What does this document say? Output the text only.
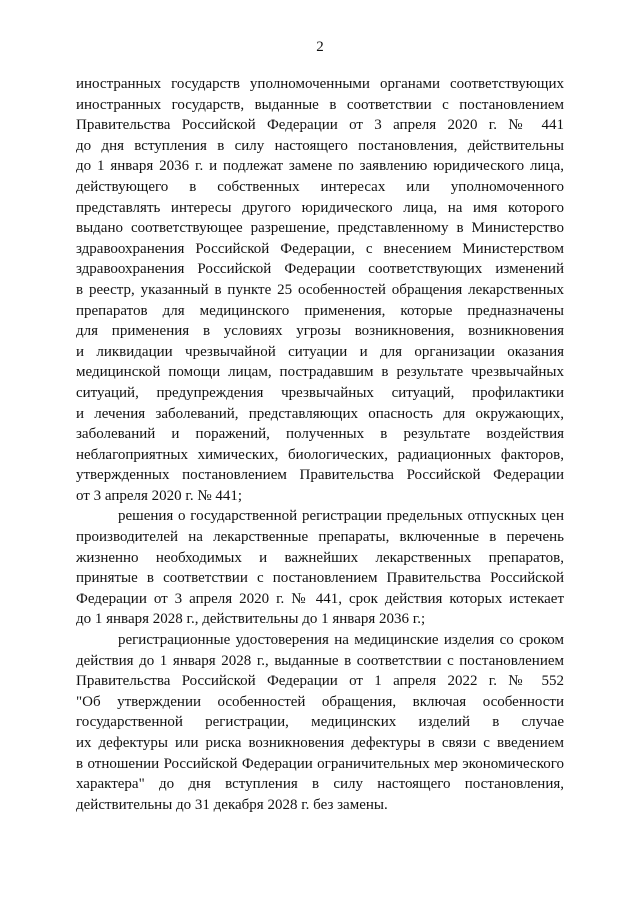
2
иностранных государств уполномоченными органами соответствующих
иностранных государств, выданные в соответствии с постановлением
Правительства Российской Федерации от 3 апреля 2020 г. № 441
до дня вступления в силу настоящего постановления, действительны
до 1 января 2036 г. и подлежат замене по заявлению юридического лица,
действующего в собственных интересах или уполномоченного
представлять интересы другого юридического лица, на имя которого
выдано соответствующее разрешение, представленному в Министерство
здравоохранения Российской Федерации, с внесением Министерством
здравоохранения Российской Федерации соответствующих изменений
в реестр, указанный в пункте 25 особенностей обращения лекарственных
препаратов для медицинского применения, которые предназначены
для применения в условиях угрозы возникновения, возникновения
и ликвидации чрезвычайной ситуации и для организации оказания
медицинской помощи лицам, пострадавшим в результате чрезвычайных
ситуаций, предупреждения чрезвычайных ситуаций, профилактики
и лечения заболеваний, представляющих опасность для окружающих,
заболеваний и поражений, полученных в результате воздействия
неблагоприятных химических, биологических, радиационных факторов,
утвержденных постановлением Правительства Российской Федерации
от 3 апреля 2020 г. № 441;
решения о государственной регистрации предельных отпускных цен
производителей на лекарственные препараты, включенные в перечень
жизненно необходимых и важнейших лекарственных препаратов,
принятые в соответствии с постановлением Правительства Российской
Федерации от 3 апреля 2020 г. № 441, срок действия которых истекает
до 1 января 2028 г., действительны до 1 января 2036 г.;
регистрационные удостоверения на медицинские изделия со сроком
действия до 1 января 2028 г., выданные в соответствии с постановлением
Правительства Российской Федерации от 1 апреля 2022 г. № 552
"Об утверждении особенностей обращения, включая особенности
государственной регистрации, медицинских изделий в случае
их дефектуры или риска возникновения дефектуры в связи с введением
в отношении Российской Федерации ограничительных мер экономического
характера" до дня вступления в силу настоящего постановления,
действительны до 31 декабря 2028 г. без замены.
